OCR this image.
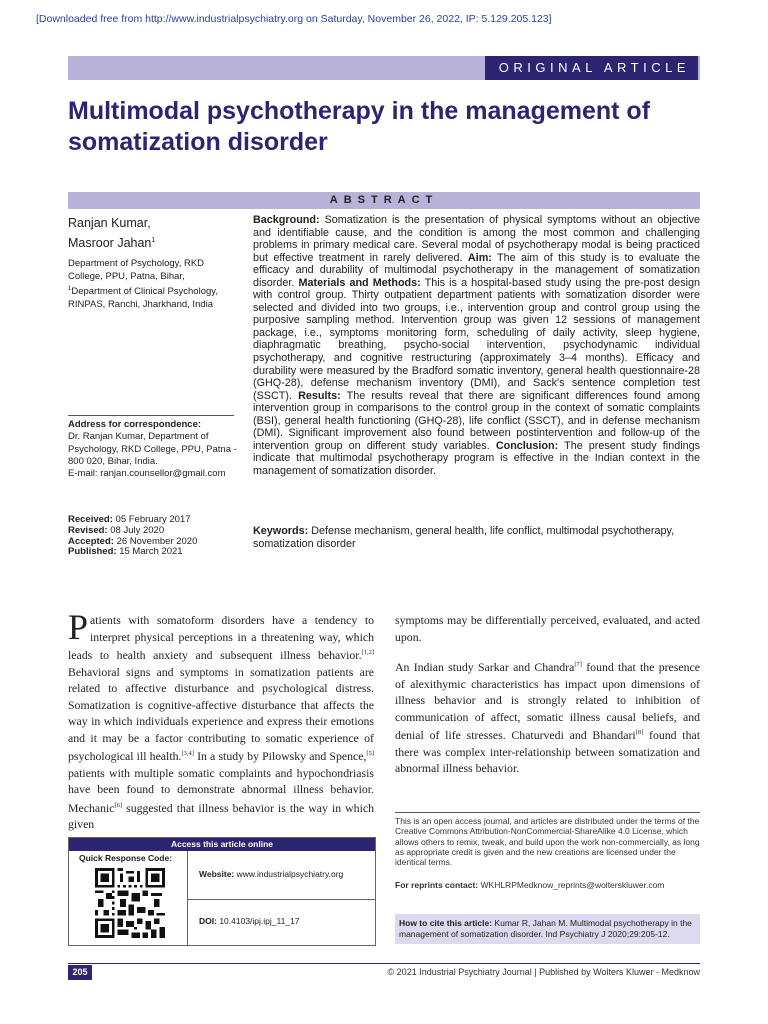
[Downloaded free from http://www.industrialpsychiatry.org on Saturday, November 26, 2022, IP: 5.129.205.123]
ORIGINAL ARTICLE
Multimodal psychotherapy in the management of somatization disorder
ABSTRACT
Ranjan Kumar,
Masroor Jahan$^1$
Department of Psychology, RKD College, PPU, Patna, Bihar, $^1$Department of Clinical Psychology, RINPAS, Ranchi, Jharkhand, India
Address for correspondence:
Dr. Ranjan Kumar, Department of Psychology, RKD College, PPU, Patna - 800 020, Bihar, India.
E-mail: ranjan.counsellor@gmail.com
Received: 05 February 2017
Revised: 08 July 2020
Accepted: 26 November 2020
Published: 15 March 2021
Background: Somatization is the presentation of physical symptoms without an objective and identifiable cause, and the condition is among the most common and challenging problems in primary medical care. Several modal of psychotherapy modal is being practiced but effective treatment in rarely delivered. Aim: The aim of this study is to evaluate the efficacy and durability of multimodal psychotherapy in the management of somatization disorder. Materials and Methods: This is a hospital-based study using the pre-post design with control group. Thirty outpatient department patients with somatization disorder were selected and divided into two groups, i.e., intervention group and control group using the purposive sampling method. Intervention group was given 12 sessions of management package, i.e., symptoms monitoring form, scheduling of daily activity, sleep hygiene, diaphragmatic breathing, psycho-social intervention, psychodynamic individual psychotherapy, and cognitive restructuring (approximately 3–4 months). Efficacy and durability were measured by the Bradford somatic inventory, general health questionnaire-28 (GHQ-28), defense mechanism inventory (DMI), and Sack's sentence completion test (SSCT). Results: The results reveal that there are significant differences found among intervention group in comparisons to the control group in the context of somatic complaints (BSI), general health functioning (GHQ-28), life conflict (SSCT), and in defense mechanism (DMI). Significant improvement also found between postintervention and follow-up of the intervention group on different study variables. Conclusion: The present study findings indicate that multimodal psychotherapy program is effective in the Indian context in the management of somatization disorder.
Keywords: Defense mechanism, general health, life conflict, multimodal psychotherapy, somatization disorder
Patients with somatoform disorders have a tendency to interpret physical perceptions in a threatening way, which leads to health anxiety and subsequent illness behavior.[1,2] Behavioral signs and symptoms in somatization patients are related to affective disturbance and psychological distress. Somatization is cognitive-affective disturbance that affects the way in which individuals experience and express their emotions and it may be a factor contributing to somatic experience of psychological ill health.[3,4] In a study by Pilowsky and Spence,[5] patients with multiple somatic complaints and hypochondriasis have been found to demonstrate abnormal illness behavior. Mechanic[6] suggested that illness behavior is the way in which given

symptoms may be differentially perceived, evaluated, and acted upon.

An Indian study Sarkar and Chandra[7] found that the presence of alexithymic characteristics has impact upon dimensions of illness behavior and is strongly related to inhibition of communication of affect, somatic illness causal beliefs, and denial of life stresses. Chaturvedi and Bhandari[8] found that there was complex inter-relationship between somatization and abnormal illness behavior.

Access this article online
Quick Response Code:
Website: www.industrialpsychiatry.org
DOI: 10.4103/ipj.ipj_11_17
This is an open access journal, and articles are distributed under the terms of the Creative Commons Attribution-NonCommercial-ShareAlike 4.0 License, which allows others to remix, tweak, and build upon the work non-commercially, as long as appropriate credit is given and the new creations are licensed under the identical terms.
For reprints contact: WKHLRPMedknow_reprints@wolterskluwer.com
How to cite this article: Kumar R, Jahan M. Multimodal psychotherapy in the management of somatization disorder. Ind Psychiatry J 2020;29:205-12.
205	© 2021 Industrial Psychiatry Journal | Published by Wolters Kluwer - Medknow
